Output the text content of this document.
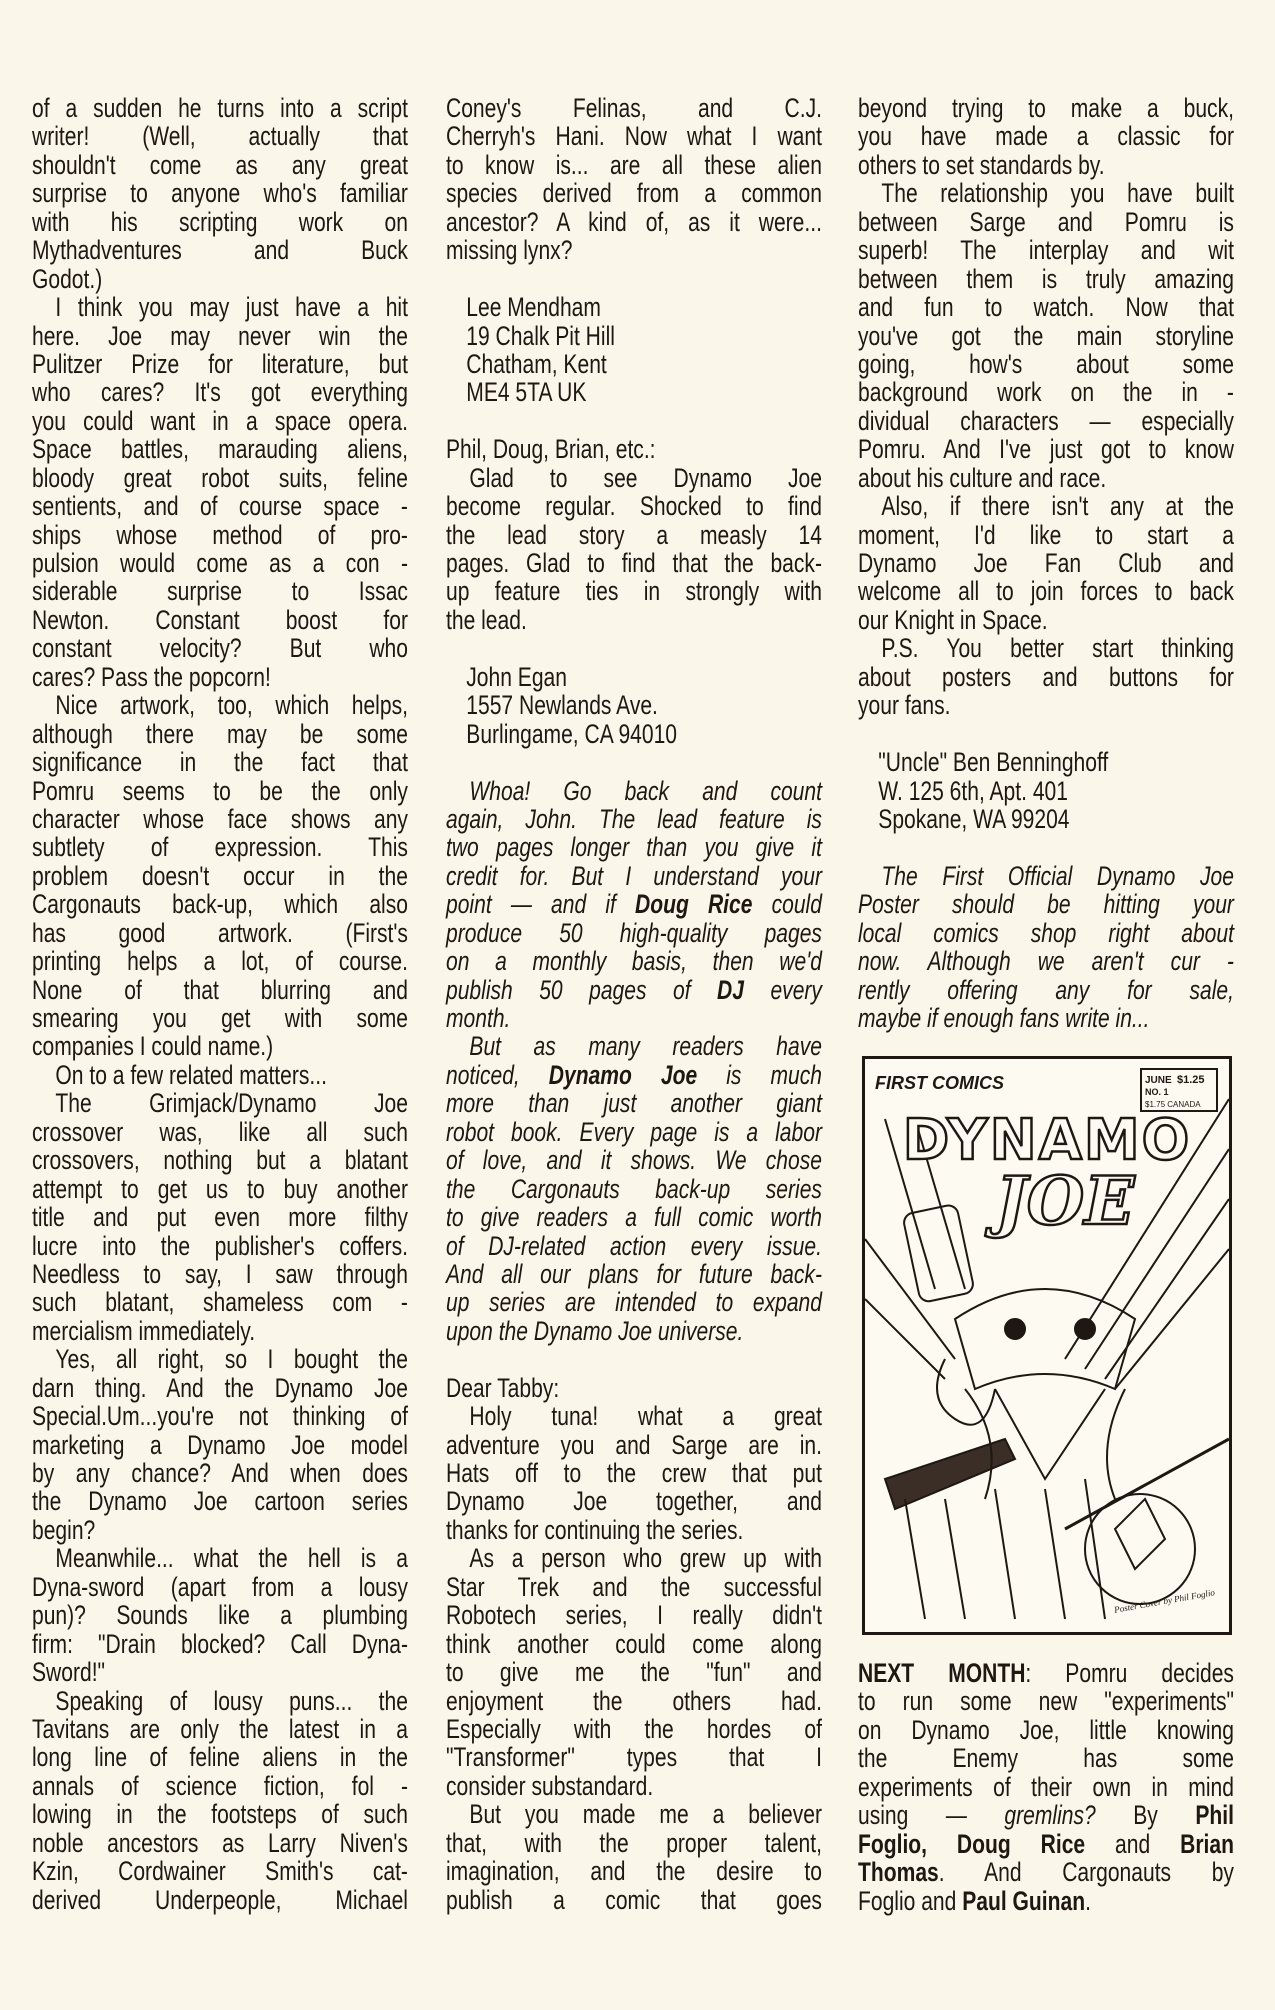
of a sudden he turns into a script
writer! (Well, actually that
shouldn't come as any great
surprise to anyone who's familiar
with his scripting work on
Mythadventures and Buck
Godot.)
I think you may just have a hit
here. Joe may never win the
Pulitzer Prize for literature, but
who cares? It's got everything
you could want in a space opera.
Space battles, marauding aliens,
bloody great robot suits, feline
sentients, and of course space -
ships whose method of pro-
pulsion would come as a con -
siderable surprise to Issac
Newton. Constant boost for
constant velocity? But who
cares? Pass the popcorn!
Nice artwork, too, which helps,
although there may be some
significance in the fact that
Pomru seems to be the only
character whose face shows any
subtlety of expression. This
problem doesn't occur in the
Cargonauts back-up, which also
has good artwork. (First's
printing helps a lot, of course.
None of that blurring and
smearing you get with some
companies I could name.)
On to a few related matters...
The Grimjack/Dynamo Joe
crossover was, like all such
crossovers, nothing but a blatant
attempt to get us to buy another
title and put even more filthy
lucre into the publisher's coffers.
Needless to say, I saw through
such blatant, shameless com -
mercialism immediately.
Yes, all right, so I bought the
darn thing. And the Dynamo Joe
Special.Um...you're not thinking of
marketing a Dynamo Joe model
by any chance? And when does
the Dynamo Joe cartoon series
begin?
Meanwhile... what the hell is a
Dyna-sword (apart from a lousy
pun)? Sounds like a plumbing
firm: "Drain blocked? Call Dyna-
Sword!"
Speaking of lousy puns... the
Tavitans are only the latest in a
long line of feline aliens in the
annals of science fiction, fol -
lowing in the footsteps of such
noble ancestors as Larry Niven's
Kzin, Cordwainer Smith's cat-
derived Underpeople, Michael
Coney's Felinas, and C.J.
Cherryh's Hani. Now what I want
to know is... are all these alien
species derived from a common
ancestor? A kind of, as it were...
missing lynx?
Lee Mendham
19 Chalk Pit Hill
Chatham, Kent
ME4 5TA UK
Phil, Doug, Brian, etc.:
Glad to see Dynamo Joe
become regular. Shocked to find
the lead story a measly 14
pages. Glad to find that the back-
up feature ties in strongly with
the lead.
John Egan
1557 Newlands Ave.
Burlingame, CA 94010
Whoa! Go back and count
again, John. The lead feature is
two pages longer than you give it
credit for. But I understand your
point — and if Doug Rice could
produce 50 high-quality pages
on a monthly basis, then we'd
publish 50 pages of DJ every
month.
But as many readers have
noticed, Dynamo Joe is much
more than just another giant
robot book. Every page is a labor
of love, and it shows. We chose
the Cargonauts back-up series
to give readers a full comic worth
of DJ-related action every issue.
And all our plans for future back-
up series are intended to expand
upon the Dynamo Joe universe.
Dear Tabby:
Holy tuna! what a great
adventure you and Sarge are in.
Hats off to the crew that put
Dynamo Joe together, and
thanks for continuing the series.
As a person who grew up with
Star Trek and the successful
Robotech series, I really didn't
think another could come along
to give me the "fun" and
enjoyment the others had.
Especially with the hordes of
"Transformer" types that I
consider substandard.
But you made me a believer
that, with the proper talent,
imagination, and the desire to
publish a comic that goes
beyond trying to make a buck,
you have made a classic for
others to set standards by.
The relationship you have built
between Sarge and Pomru is
superb! The interplay and wit
between them is truly amazing
and fun to watch. Now that
you've got the main storyline
going, how's about some
background work on the in -
dividual characters — especially
Pomru. And I've just got to know
about his culture and race.
Also, if there isn't any at the
moment, I'd like to start a
Dynamo Joe Fan Club and
welcome all to join forces to back
our Knight in Space.
P.S. You better start thinking
about posters and buttons for
your fans.
"Uncle" Ben Benninghoff
W. 125 6th, Apt. 401
Spokane, WA 99204
The First Official Dynamo Joe
Poster should be hitting your
local comics shop right about
now. Although we aren't cur -
rently offering any for sale,
maybe if enough fans write in...
FIRST COMICS	JUNE $1.25
NO. 1
$1.75 CANADA
DYNAMO
JOE
Poster Cover by Phil Foglio
NEXT MONTH: Pomru decides
to run some new "experiments"
on Dynamo Joe, little knowing
the Enemy has some
experiments of their own in mind
using — gremlins? By Phil
Foglio, Doug Rice and Brian
Thomas. And Cargonauts by
Foglio and Paul Guinan.
